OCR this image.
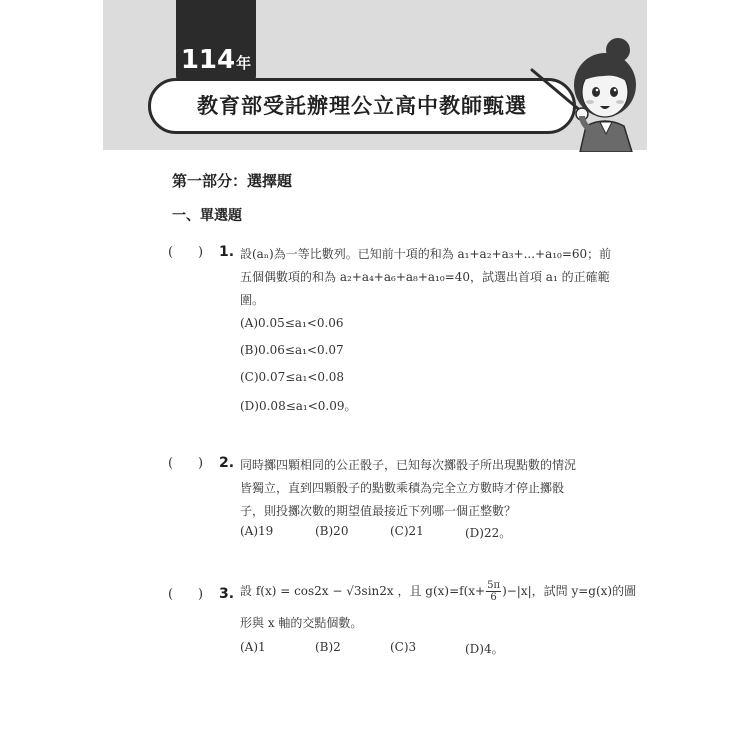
114年
教育部受託辦理公立高中教師甄選
第一部分：選擇題
一、單選題
( ) 1. 設(aₙ)為一等比數列。已知前十項的和為 a₁+a₂+a₃+...+a₁₀=60；前
五個偶數項的和為 a₂+a₄+a₆+a₈+a₁₀=40，試選出首項 a₁ 的正確範
圍。
(A)0.05≤a₁<0.06
(B)0.06≤a₁<0.07
(C)0.07≤a₁<0.08
(D)0.08≤a₁<0.09。
( ) 2. 同時擲四顆相同的公正骰子，已知每次擲骰子所出現點數的情況
皆獨立，直到四顆骰子的點數乘積為完全立方數時才停止擲骰
子，則投擲次數的期望值最接近下列哪一個正整數？
(A)19	(B)20	(C)21	(D)22。
( ) 3. 設 f(x) = cos2x − √3sin2x ，且 $g(x)=f(x+ \frac{5\pi}{6} )-|x|$，試問 y=g(x)的圖
形與 x 軸的交點個數。
(A)1	(B)2	(C)3	(D)4。
